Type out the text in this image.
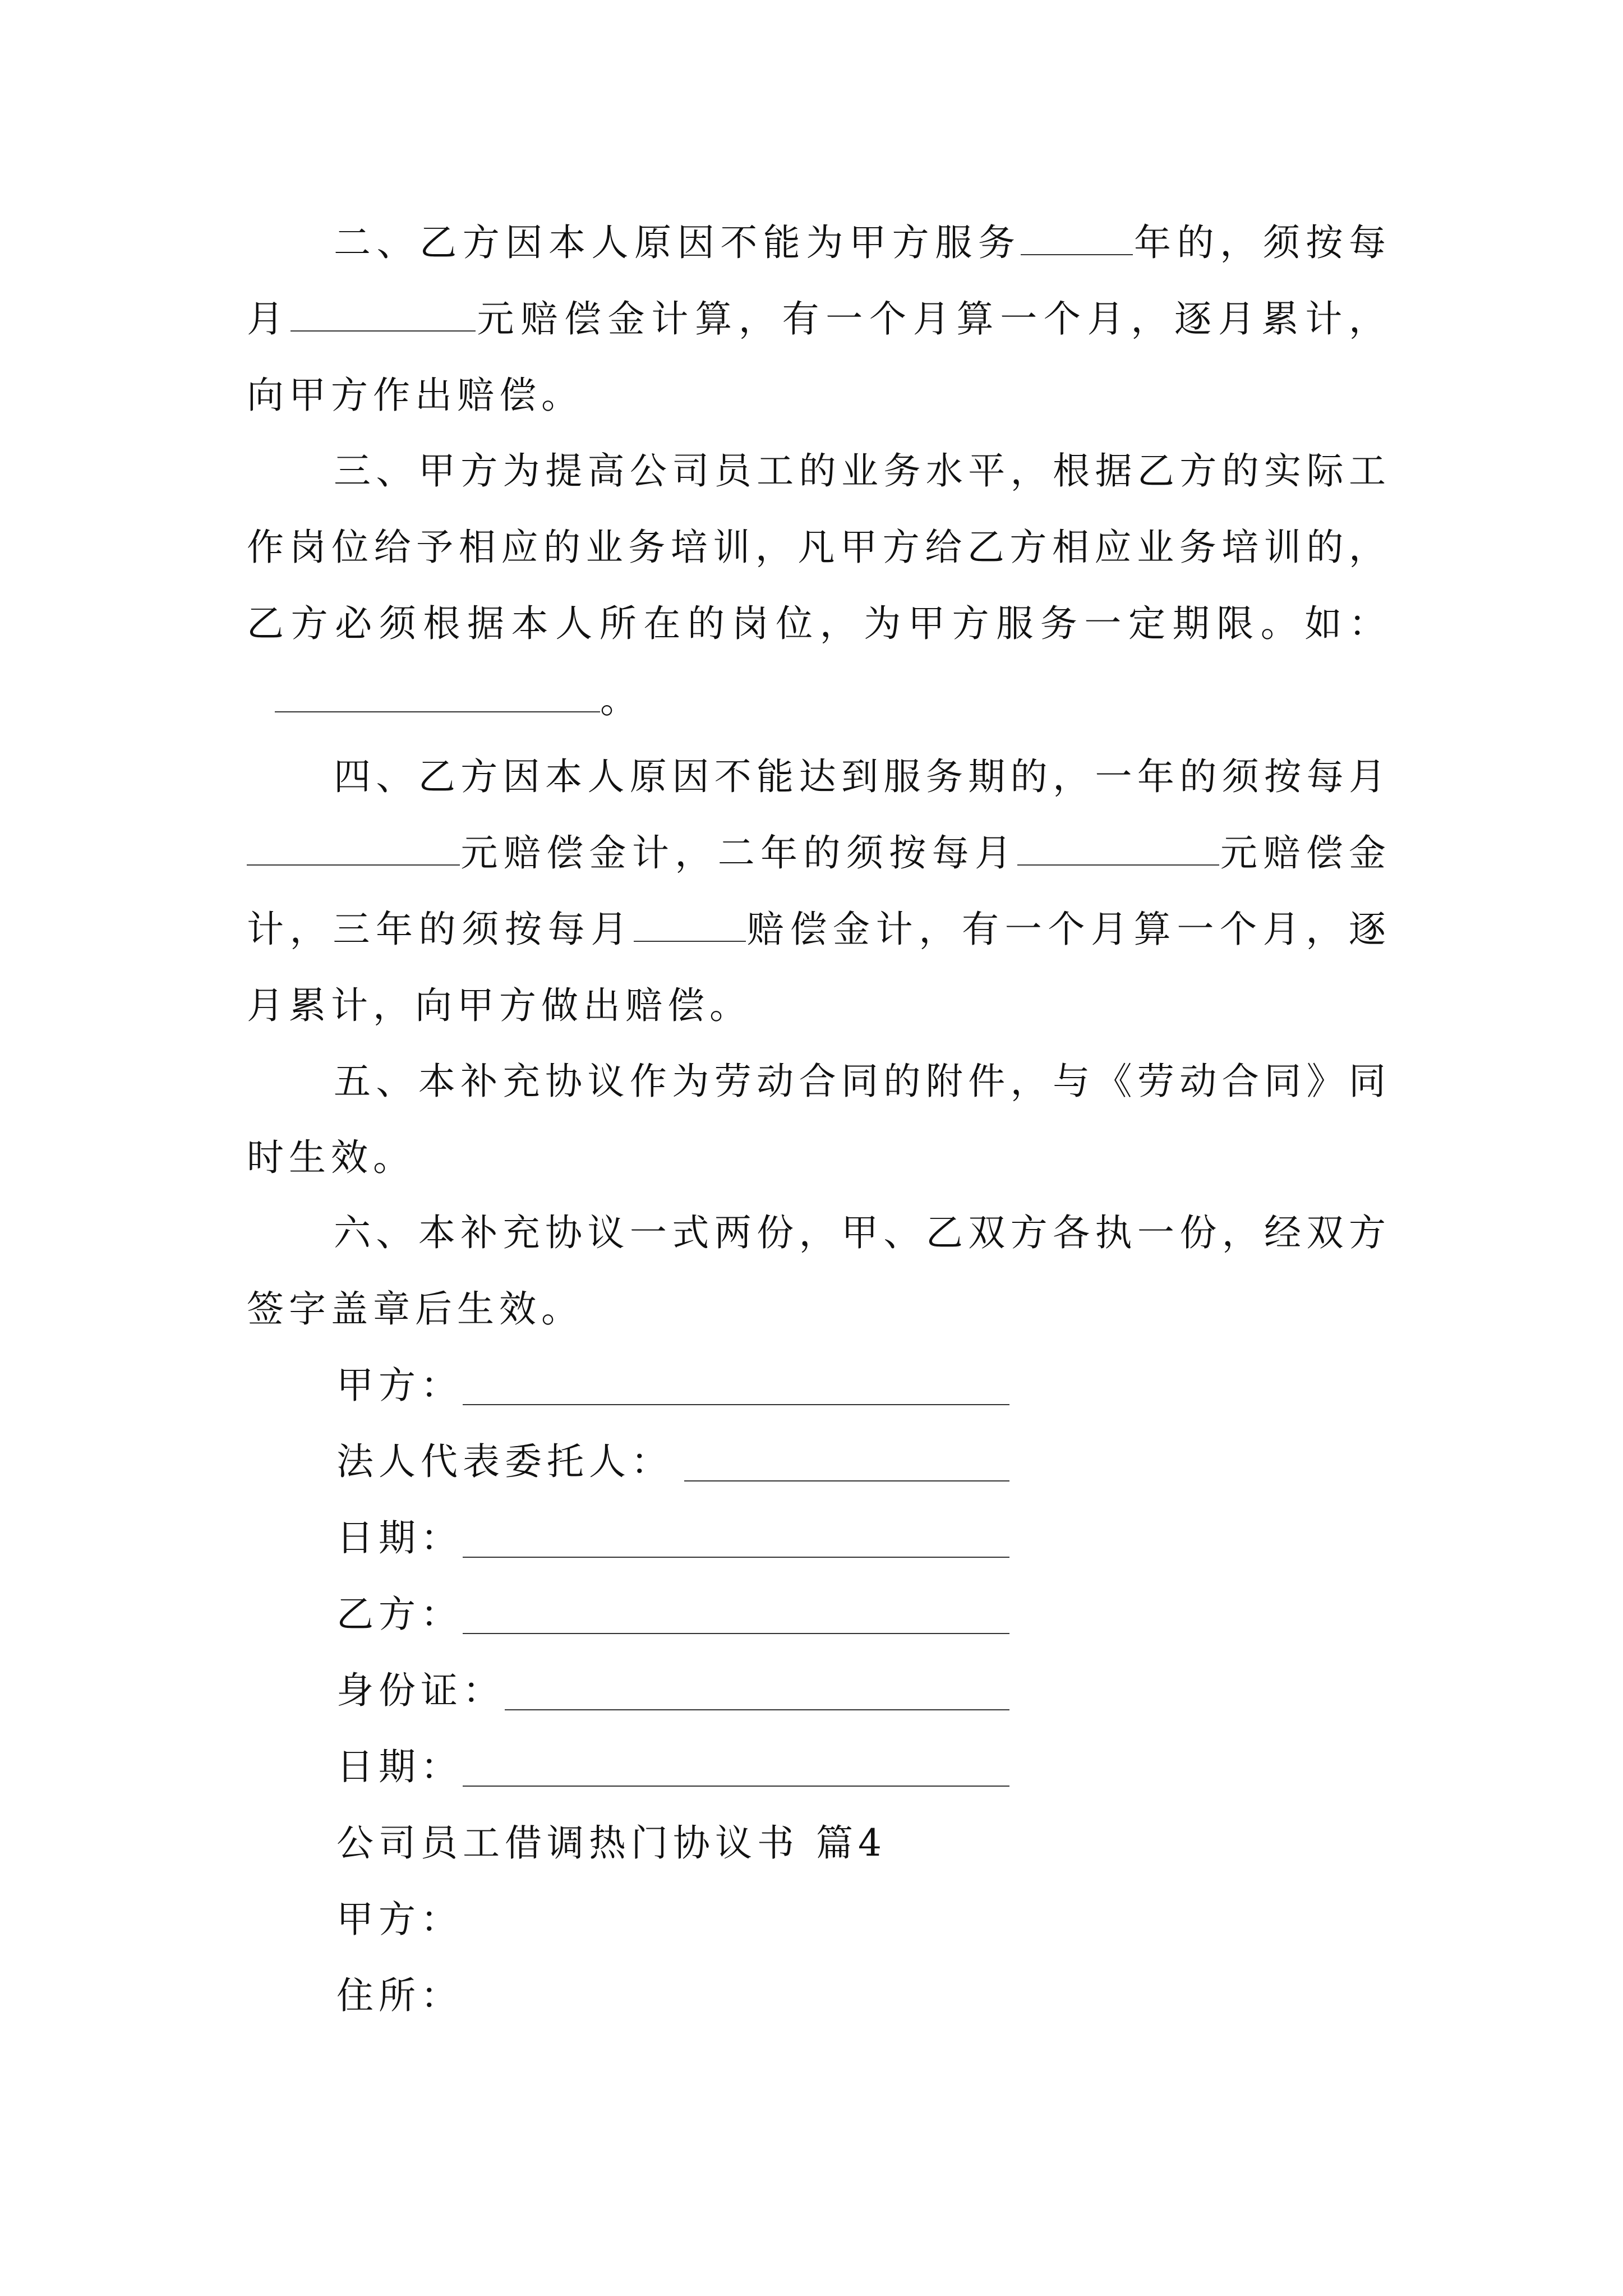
二、乙方因本人原因不能为甲方服务	年的，须按每月	元赔偿金计算，有一个月算一个月，逐月累计，向甲方作出赔偿。

三、甲方为提高公司员工的业务水平，根据乙方的实际工作岗位给予相应的业务培训，凡甲方给乙方相应业务培训的，乙方必须根据本人所在的岗位，为甲方服务一定期限。如：。

四、乙方因本人原因不能达到服务期的，一年的须按每月元赔偿金计，二年的须按每月	元赔偿金计，三年的须按每月	赔偿金计，有一个月算一个月，逐月累计，向甲方做出赔偿。

五、本补充协议作为劳动合同的附件，与《劳动合同》同时生效。

六、本补充协议一式两份，甲、乙双方各执一份，经双方签字盖章后生效。

甲方：
法人代表委托人：
日期：
乙方：
身份证：
日期：
公司员工借调热门协议书 篇4
甲方：
住所：
